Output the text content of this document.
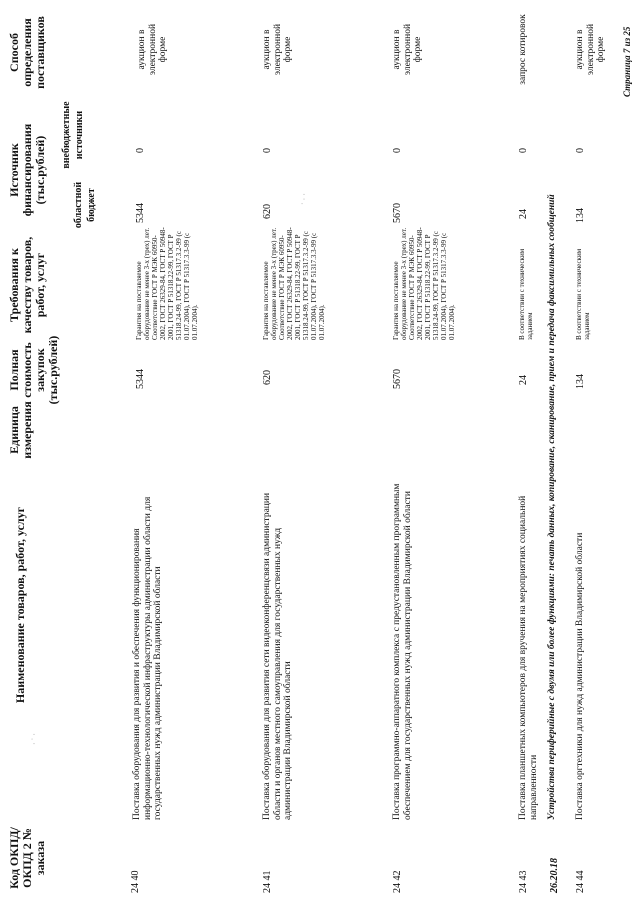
Код ОКПД/ ОКПД 2 № заказа
Наименование товаров, работ, услуг
Единица измерения
Полная стоимость закупок (тыс.рублей)
Требования к качеству товаров, работ, услуг
Источник финансирования (тыс.рублей)
областной бюджет
внебюджетные источники
Способ определения поставщиков
24 40
Поставка оборудования для развития и обеспечения функционирования информационно-технологической инфраструктуры администрации области для государственных нужд администрации Владимирской области
5344
Гарантия на поставляемое оборудование не менее 3-х (трех) лет. Соответствие ГОСТ Р МЭК 60950-2002, ГОСТ 26329-84, ГОСТ Р 50948-2001, ГОСТ Р 51318.22-99, ГОСТ Р 51318.24-99, ГОСТ Р 51317.3.2-99 (с 01.07.2004), ГОСТ Р 51317.3.3-99 (с 01.07.2004).
5344
0
аукцион в электронной форме
24 41
Поставка оборудования для развития сети видеоконференцсвязи администрации области и органов местного самоуправления для государственных нужд администрации Владимирской области
620
Гарантия на поставляемое оборудование не менее 3-х (трех) лет. Соответствие ГОСТ Р МЭК 60950-2002, ГОСТ 26329-84, ГОСТ Р 50948-2001, ГОСТ Р 51318.22-99, ГОСТ Р 51318.24-99, ГОСТ Р 51317.3.2-99 (с 01.07.2004), ГОСТ Р 51317.3.3-99 (с 01.07.2004).
620
0
аукцион в электронной форме
24 42
Поставка программно-аппаратного комплекса с предустановленным программным обеспечением для государственных нужд администрации Владимирской области
5670
Гарантия на поставляемое оборудование не менее 3-х (трех) лет. Соответствие ГОСТ Р МЭК 60950-2002, ГОСТ 26329-84, ГОСТ Р 50948-2001, ГОСТ Р 51318.22-99, ГОСТ Р 51318.24-99, ГОСТ Р 51317.3.2-99 (с 01.07.2004), ГОСТ Р 51317.3.3-99 (с 01.07.2004).
5670
0
аукцион в электронной форме
24 43
Поставка планшетных компьютеров для вручения на мероприятиях социальной направленности
24
В соответствии с техническим заданием
24
0
запрос котировок
26.20.18
Устройства периферийные с двумя или более функциями: печать данных, копирование, сканирование, прием и передача факсимильных сообщений
24 44
Поставка оргтехники для нужд администрации Владимирской области
134
В соответствии с техническим заданием
134
0
аукцион в электронной форме Страница 7 из 25
· ˙ ·
˙ · ·
